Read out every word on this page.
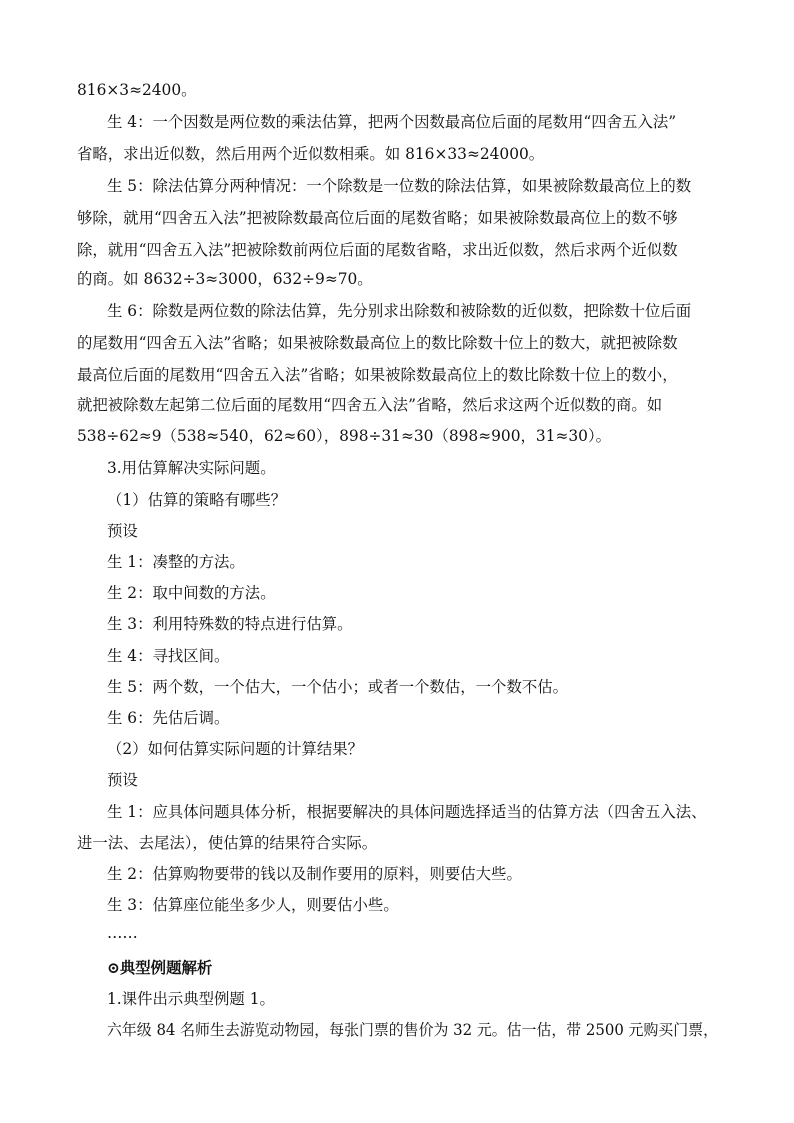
816×3≈2400。
生 4：一个因数是两位数的乘法估算，把两个因数最高位后面的尾数用“四舍五入法”
省略，求出近似数，然后用两个近似数相乘。如 816×33≈24000。
生 5：除法估算分两种情况：一个除数是一位数的除法估算，如果被除数最高位上的数
够除，就用“四舍五入法”把被除数最高位后面的尾数省略；如果被除数最高位上的数不够
除，就用“四舍五入法”把被除数前两位后面的尾数省略，求出近似数，然后求两个近似数
的商。如 8632÷3≈3000，632÷9≈70。
生 6：除数是两位数的除法估算，先分别求出除数和被除数的近似数，把除数十位后面
的尾数用“四舍五入法”省略；如果被除数最高位上的数比除数十位上的数大，就把被除数
最高位后面的尾数用“四舍五入法”省略；如果被除数最高位上的数比除数十位上的数小，
就把被除数左起第二位后面的尾数用“四舍五入法”省略，然后求这两个近似数的商。如
538÷62≈9（538≈540，62≈60），898÷31≈30（898≈900，31≈30）。
3.用估算解决实际问题。
（1）估算的策略有哪些？
预设
生 1：凑整的方法。
生 2：取中间数的方法。
生 3：利用特殊数的特点进行估算。
生 4：寻找区间。
生 5：两个数，一个估大，一个估小；或者一个数估，一个数不估。
生 6：先估后调。
（2）如何估算实际问题的计算结果？
预设
生 1：应具体问题具体分析，根据要解决的具体问题选择适当的估算方法（四舍五入法、
进一法、去尾法），使估算的结果符合实际。
生 2：估算购物要带的钱以及制作要用的原料，则要估大些。
生 3：估算座位能坐多少人，则要估小些。
……
⊙典型例题解析
1.课件出示典型例题 1。
六年级 84 名师生去游览动物园，每张门票的售价为 32 元。估一估，带 2500 元购买门票，
